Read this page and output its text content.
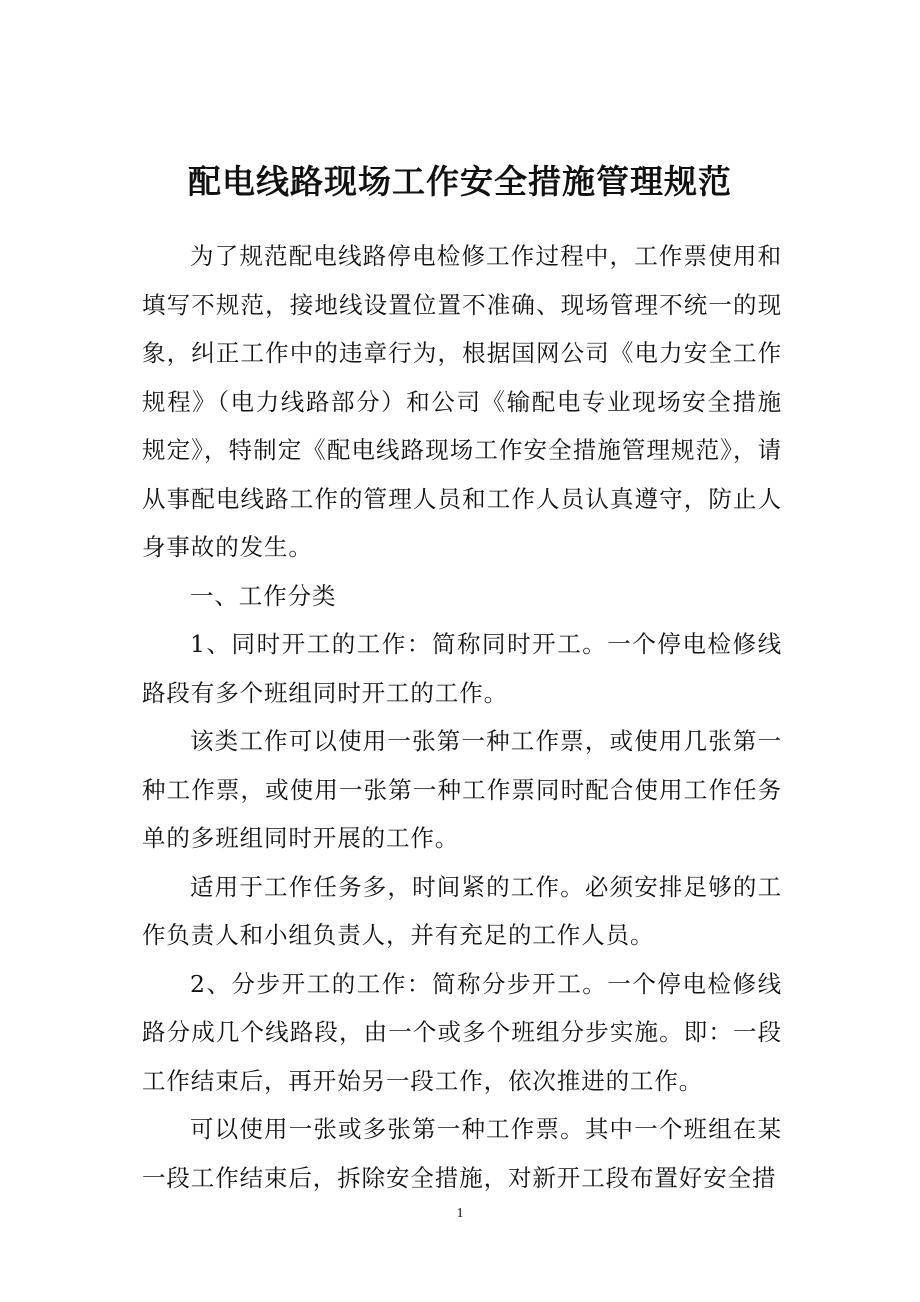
配电线路现场工作安全措施管理规范

为了规范配电线路停电检修工作过程中，工作票使用和填写不规范，接地线设置位置不准确、现场管理不统一的现象，纠正工作中的违章行为，根据国网公司《电力安全工作规程》（电力线路部分）和公司《输配电专业现场安全措施规定》，特制定《配电线路现场工作安全措施管理规范》，请从事配电线路工作的管理人员和工作人员认真遵守，防止人身事故的发生。

一、工作分类

1、同时开工的工作：简称同时开工。一个停电检修线路段有多个班组同时开工的工作。

该类工作可以使用一张第一种工作票，或使用几张第一种工作票，或使用一张第一种工作票同时配合使用工作任务单的多班组同时开展的工作。

适用于工作任务多，时间紧的工作。必须安排足够的工作负责人和小组负责人，并有充足的工作人员。

2、分步开工的工作：简称分步开工。一个停电检修线路分成几个线路段，由一个或多个班组分步实施。即：一段工作结束后，再开始另一段工作，依次推进的工作。

可以使用一张或多张第一种工作票。其中一个班组在某一段工作结束后，拆除安全措施，对新开工段布置好安全措

1
